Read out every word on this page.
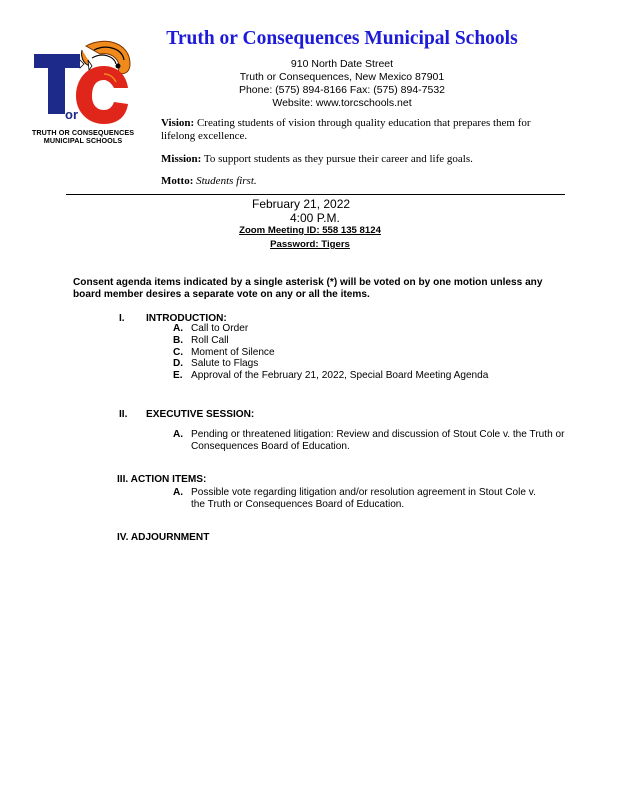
or
TRUTH OR CONSEQUENCES
MUNICIPAL SCHOOLS
Truth or Consequences Municipal Schools
910 North Date Street
Truth or Consequences, New Mexico 87901
Phone: (575) 894-8166 Fax: (575) 894-7532
Website: www.torcschools.net
Vision: Creating students of vision through quality education that prepares them for
lifelong excellence.
Mission: To support students as they pursue their career and life goals.
Motto: Students first.
February 21, 2022
4:00 P.M.
Zoom Meeting ID: 558 135 8124
Password: Tigers
Consent agenda items indicated by a single asterisk (*) will be voted on by one motion unless any
board member desires a separate vote on any or all the items.
I. INTRODUCTION:
A. Call to Order
B. Roll Call
C. Moment of Silence
D. Salute to Flags
E. Approval of the February 21, 2022, Special Board Meeting Agenda
II. EXECUTIVE SESSION:
A. Pending or threatened litigation: Review and discussion of Stout Cole v. the Truth or
Consequences Board of Education.
III. ACTION ITEMS:
A. Possible vote regarding litigation and/or resolution agreement in Stout Cole v.
the Truth or Consequences Board of Education.
IV. ADJOURNMENT
